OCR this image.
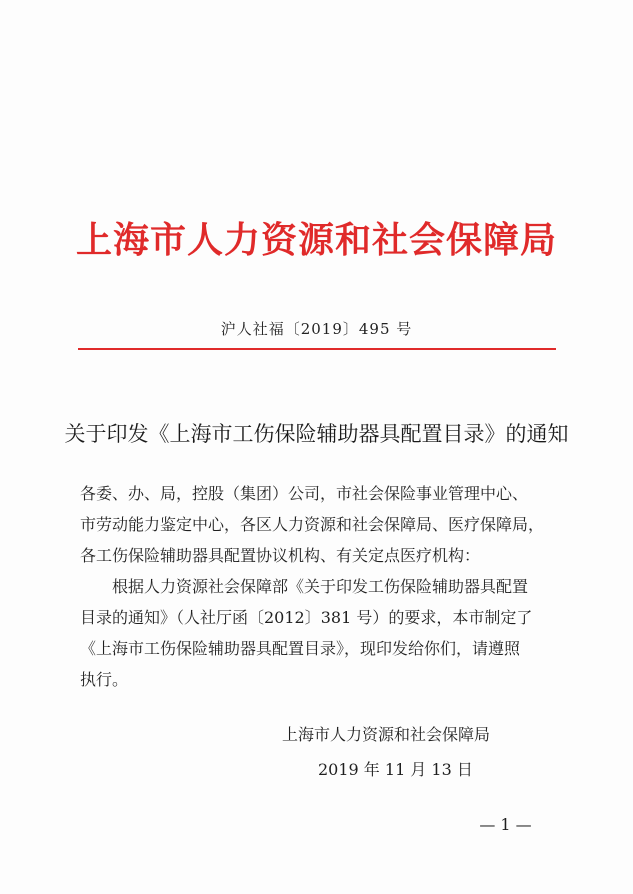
上海市人力资源和社会保障局
沪人社福〔2019〕495 号
关于印发《上海市工伤保险辅助器具配置目录》的通知
各委、办、局，控股（集团）公司，市社会保险事业管理中心、
市劳动能力鉴定中心，各区人力资源和社会保障局、医疗保障局，
各工伤保险辅助器具配置协议机构、有关定点医疗机构：
根据人力资源社会保障部《关于印发工伤保险辅助器具配置
目录的通知》（人社厅函〔2012〕381 号）的要求，本市制定了
《上海市工伤保险辅助器具配置目录》，现印发给你们，请遵照
执行。
上海市人力资源和社会保障局
2019 年 11 月 13 日
— 1 —
